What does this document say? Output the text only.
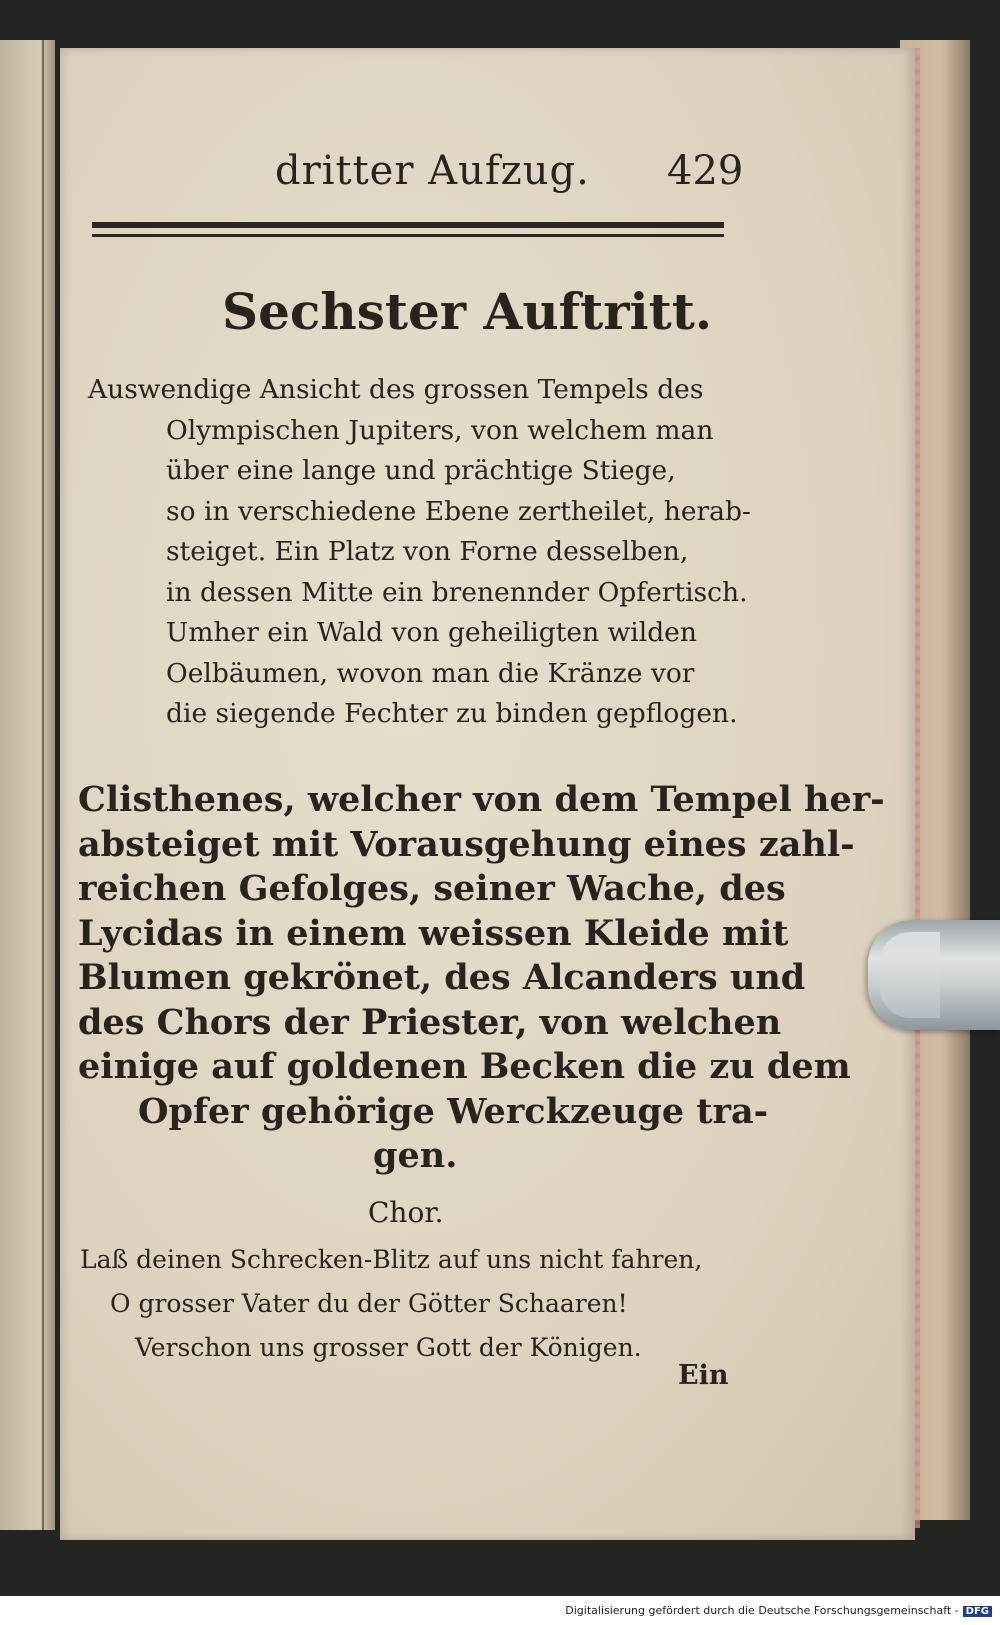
dritter Aufzug. 429
Sechster Auftritt.
Auswendige Ansicht des grossen Tempels des
Olympischen Jupiters, von welchem man
über eine lange und prächtige Stiege,
so in verschiedene Ebene zertheilet, herab-
steiget. Ein Platz von Forne desselben,
in dessen Mitte ein brenennder Opfertisch.
Umher ein Wald von geheiligten wilden
Oelbäumen, wovon man die Kränze vor
die siegende Fechter zu binden gepflogen.
Clisthenes, welcher von dem Tempel her-
absteiget mit Vorausgehung eines zahl-
reichen Gefolges, seiner Wache, des
Lycidas in einem weissen Kleide mit
Blumen gekrönet, des Alcanders und
des Chors der Priester, von welchen
einige auf goldenen Becken die zu dem
Opfer gehörige Werckzeuge tra-
gen.
Chor.
Laß deinen Schrecken-Blitz auf uns nicht fahren,
O grosser Vater du der Götter Schaaren!
Verschon uns grosser Gott der Königen.
Ein
Digitalisierung gefördert durch die Deutsche Forschungsgemeinschaft - DFG
